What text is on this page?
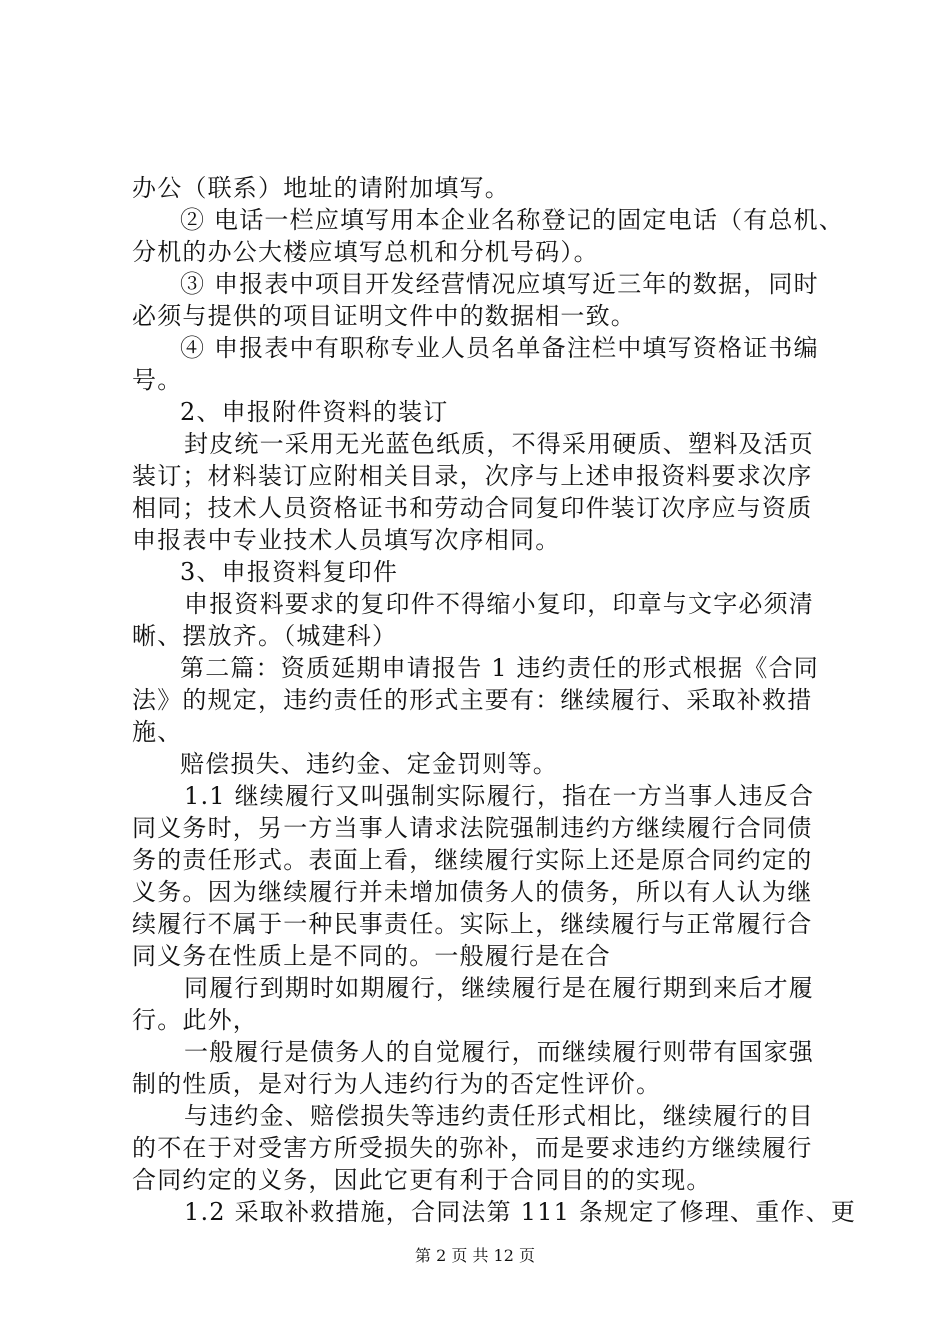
办公（联系）地址的请附加填写。
② 电话一栏应填写用本企业名称登记的固定电话（有总机、
分机的办公大楼应填写总机和分机号码）。
③ 申报表中项目开发经营情况应填写近三年的数据，同时
必须与提供的项目证明文件中的数据相一致。
④ 申报表中有职称专业人员名单备注栏中填写资格证书编
号。
2、申报附件资料的装订
封皮统一采用无光蓝色纸质，不得采用硬质、塑料及活页
装订；材料装订应附相关目录，次序与上述申报资料要求次序
相同；技术人员资格证书和劳动合同复印件装订次序应与资质
申报表中专业技术人员填写次序相同。
3、申报资料复印件
申报资料要求的复印件不得缩小复印，印章与文字必须清
晰、摆放齐。（城建科）
第二篇：资质延期申请报告 1 违约责任的形式根据《合同
法》的规定，违约责任的形式主要有：继续履行、采取补救措
施、
赔偿损失、违约金、定金罚则等。
1.1 继续履行又叫强制实际履行，指在一方当事人违反合
同义务时，另一方当事人请求法院强制违约方继续履行合同债
务的责任形式。表面上看，继续履行实际上还是原合同约定的
义务。因为继续履行并未增加债务人的债务，所以有人认为继
续履行不属于一种民事责任。实际上，继续履行与正常履行合
同义务在性质上是不同的。一般履行是在合
同履行到期时如期履行，继续履行是在履行期到来后才履
行。此外，
一般履行是债务人的自觉履行，而继续履行则带有国家强
制的性质，是对行为人违约行为的否定性评价。
与违约金、赔偿损失等违约责任形式相比，继续履行的目
的不在于对受害方所受损失的弥补，而是要求违约方继续履行
合同约定的义务，因此它更有利于合同目的的实现。
1.2 采取补救措施，合同法第 111 条规定了修理、重作、更
第 2 页 共 12 页
